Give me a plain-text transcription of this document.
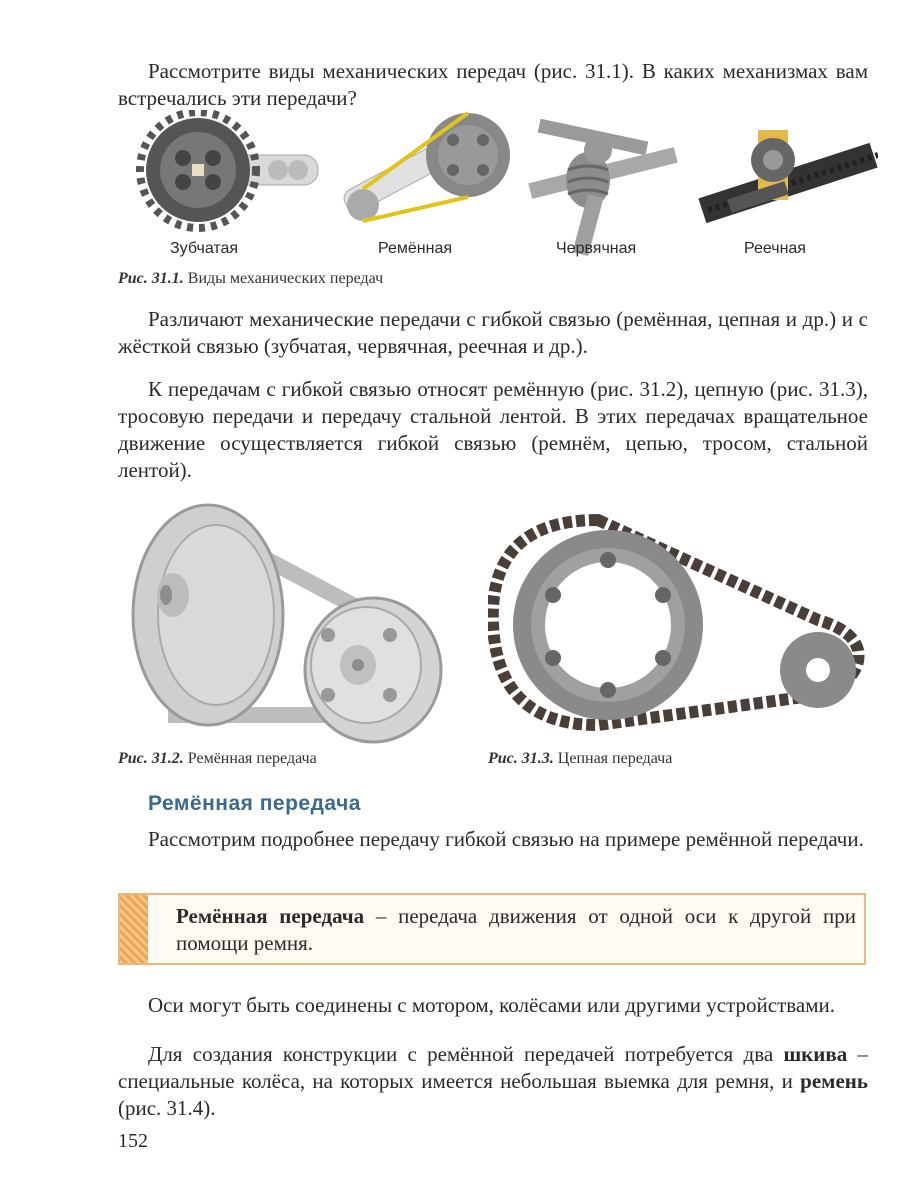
Рассмотрите виды механических передач (рис. 31.1). В каких механизмах вам встречались эти передачи?

Зубчатая	Ремённая	Червячная	Реечная
Рис. 31.1. Виды механических передач

Различают механические передачи с гибкой связью (ремённая, цепная и др.) и с жёсткой связью (зубчатая, червячная, реечная и др.).

К передачам с гибкой связью относят ремённую (рис. 31.2), цепную (рис. 31.3), тросовую передачи и передачу стальной лентой. В этих передачах вращательное движение осуществляется гибкой связью (ремнём, цепью, тросом, стальной лентой).

Рис. 31.2. Ремённая передача	Рис. 31.3. Цепная передача
Ремённая передача

Рассмотрим подробнее передачу гибкой связью на примере ремённой передачи.

Ремённая передача – передача движения от одной оси к другой при помощи ремня.

Оси могут быть соединены с мотором, колёсами или другими устройствами.

Для создания конструкции с ремённой передачей потребуется два шкива – специальные колёса, на которых имеется небольшая выемка для ремня, и ремень (рис. 31.4).

152
